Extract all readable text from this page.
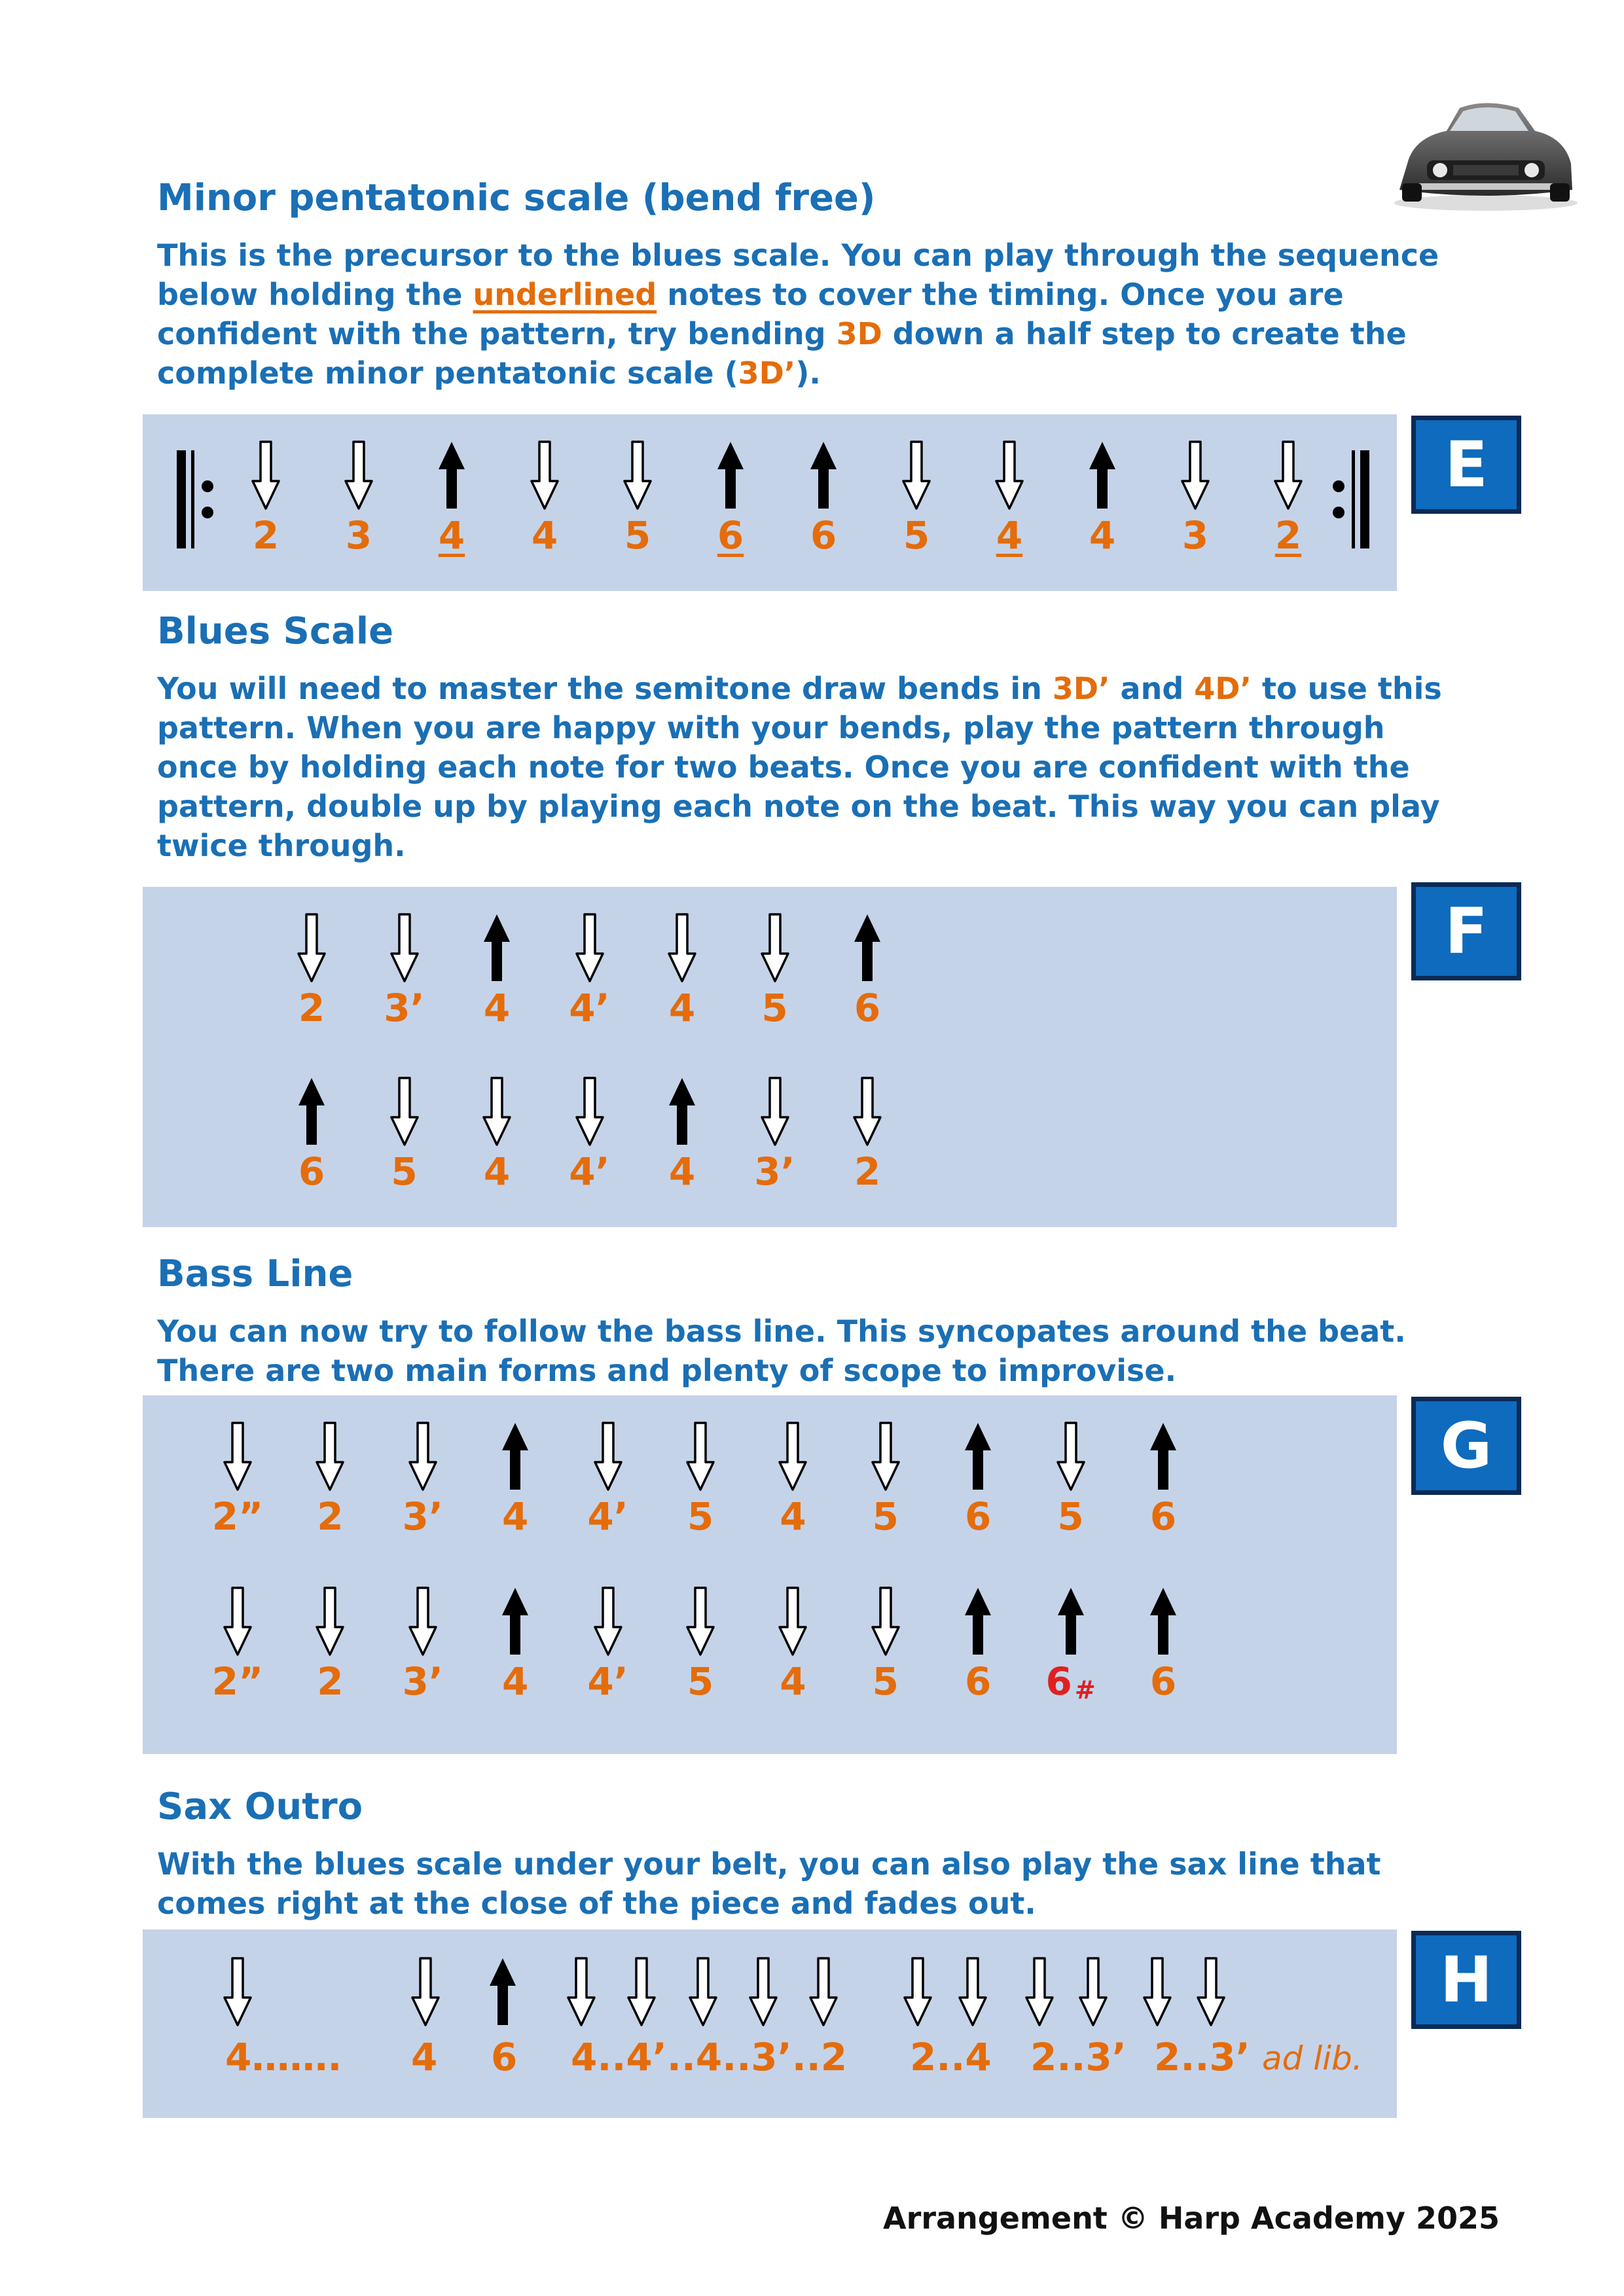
Minor pentatonic scale (bend free)

This is the precursor to the blues scale. You can play through the sequence below holding the underlined notes to cover the timing. Once you are confident with the pattern, try bending 3D down a half step to create the complete minor pentatonic scale (3D’).

2 3 4 4 5 6 6 5 4 4 3 2
E
Blues Scale

You will need to master the semitone draw bends in 3D’ and 4D’ to use this pattern. When you are happy with your bends, play the pattern through once by holding each note for two beats. Once you are confident with the pattern, double up by playing each note on the beat. This way you can play twice through.

2 3’ 4 4’ 4 5 6
6 5 4 4’ 4 3’ 2
F
Bass Line

You can now try to follow the bass line. This syncopates around the beat. There are two main forms and plenty of scope to improvise.

2” 2 3’ 4 4’ 5 4 5 6 5 6
2” 2 3’ 4 4’ 5 4 5 6 6 # 6
G
Sax Outro

With the blues scale under your belt, you can also play the sax line that comes right at the close of the piece and fades out.

4……. 4 6 4..4’..4..3’..2 2..4 2..3’ 2..3’ ad lib.
H
Arrangement © Harp Academy 2025
